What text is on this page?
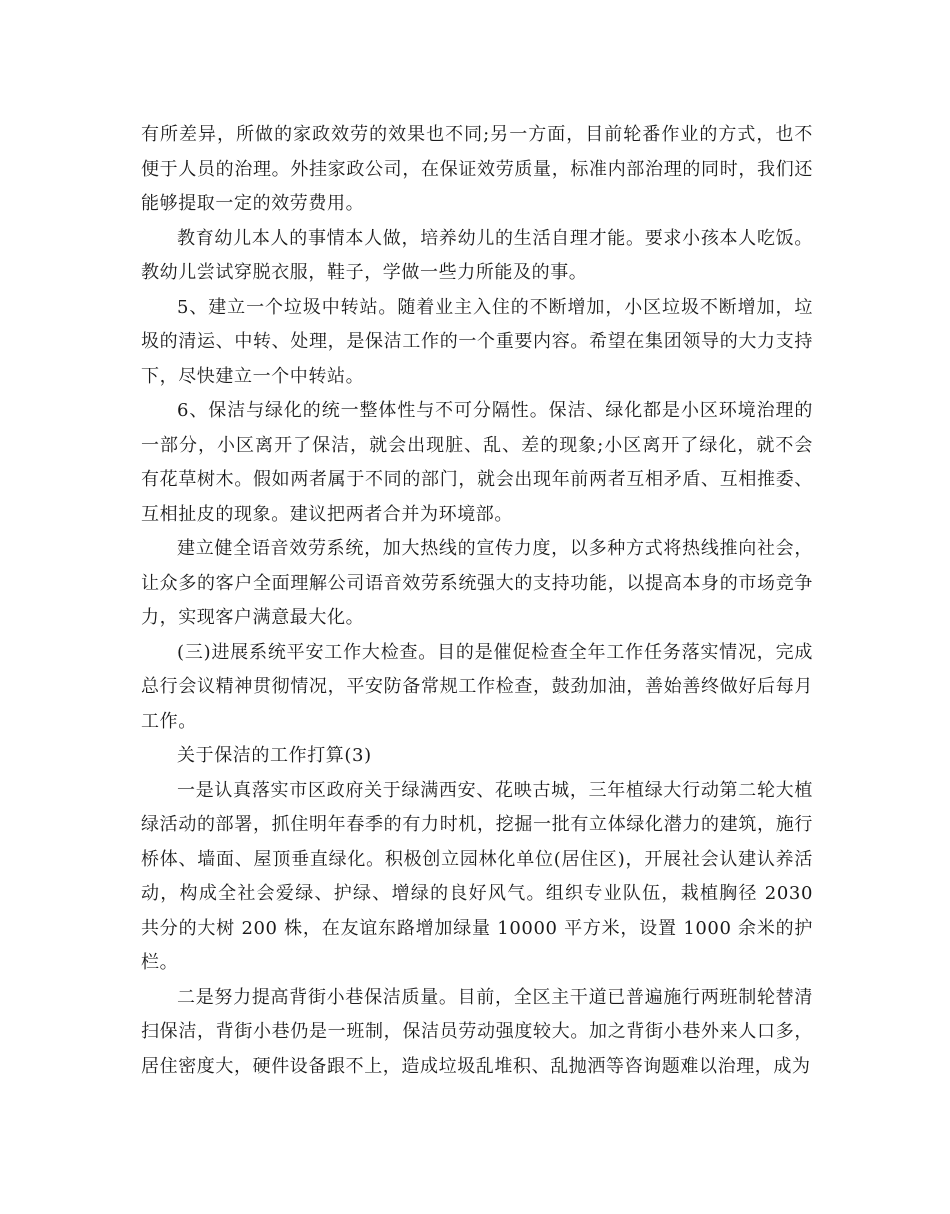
有所差异，所做的家政效劳的效果也不同;另一方面，目前轮番作业的方式，也不便于人员的治理。外挂家政公司，在保证效劳质量，标准内部治理的同时，我们还能够提取一定的效劳费用。

教育幼儿本人的事情本人做，培养幼儿的生活自理才能。要求小孩本人吃饭。教幼儿尝试穿脱衣服，鞋子，学做一些力所能及的事。

5、建立一个垃圾中转站。随着业主入住的不断增加，小区垃圾不断增加，垃圾的清运、中转、处理，是保洁工作的一个重要内容。希望在集团领导的大力支持下，尽快建立一个中转站。

6、保洁与绿化的统一整体性与不可分隔性。保洁、绿化都是小区环境治理的一部分，小区离开了保洁，就会出现脏、乱、差的现象;小区离开了绿化，就不会有花草树木。假如两者属于不同的部门，就会出现年前两者互相矛盾、互相推委、互相扯皮的现象。建议把两者合并为环境部。

建立健全语音效劳系统，加大热线的宣传力度，以多种方式将热线推向社会，让众多的客户全面理解公司语音效劳系统强大的支持功能，以提高本身的市场竞争力，实现客户满意最大化。

(三)进展系统平安工作大检查。目的是催促检查全年工作任务落实情况，完成总行会议精神贯彻情况，平安防备常规工作检查，鼓劲加油，善始善终做好后每月工作。

关于保洁的工作打算(3)

一是认真落实市区政府关于绿满西安、花映古城，三年植绿大行动第二轮大植绿活动的部署，抓住明年春季的有力时机，挖掘一批有立体绿化潜力的建筑，施行桥体、墙面、屋顶垂直绿化。积极创立园林化单位(居住区)，开展社会认建认养活动，构成全社会爱绿、护绿、增绿的良好风气。组织专业队伍，栽植胸径 2030 共分的大树 200 株，在友谊东路增加绿量 10000 平方米，设置 1000 余米的护栏。

二是努力提高背街小巷保洁质量。目前，全区主干道已普遍施行两班制轮替清扫保洁，背街小巷仍是一班制，保洁员劳动强度较大。加之背街小巷外来人口多，居住密度大，硬件设备跟不上，造成垃圾乱堆积、乱抛洒等咨询题难以治理，成为
